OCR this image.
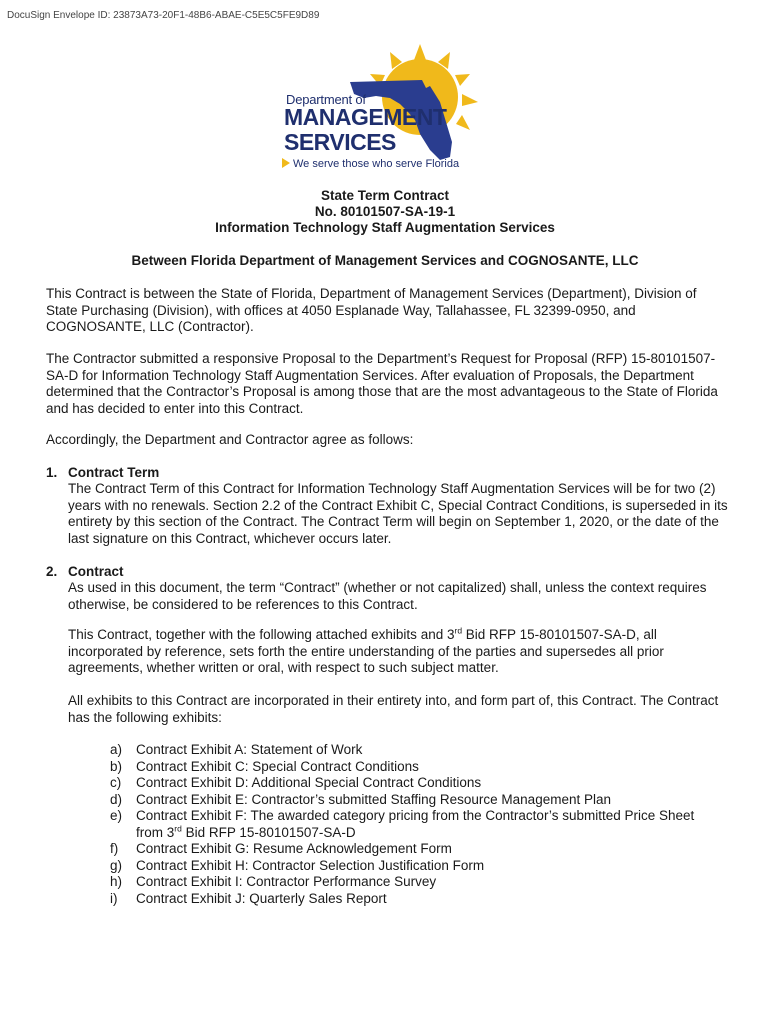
DocuSign Envelope ID: 23873A73-20F1-48B6-ABAE-C5E5C5FE9D89
Department of
MANAGEMENT
SERVICES
We serve those who serve Florida
State Term Contract
No. 80101507-SA-19-1
Information Technology Staff Augmentation Services
Between Florida Department of Management Services and COGNOSANTE, LLC

This Contract is between the State of Florida, Department of Management Services (Department), Division of State Purchasing (Division), with offices at 4050 Esplanade Way, Tallahassee, FL 32399-0950, and COGNOSANTE, LLC (Contractor).

The Contractor submitted a responsive Proposal to the Department’s Request for Proposal (RFP) 15-80101507-SA-D for Information Technology Staff Augmentation Services. After evaluation of Proposals, the Department determined that the Contractor’s Proposal is among those that are the most advantageous to the State of Florida and has decided to enter into this Contract.

Accordingly, the Department and Contractor agree as follows:

1. Contract Term

The Contract Term of this Contract for Information Technology Staff Augmentation Services will be for two (2) years with no renewals. Section 2.2 of the Contract Exhibit C, Special Contract Conditions, is superseded in its entirety by this section of the Contract. The Contract Term will begin on September 1, 2020, or the date of the last signature on this Contract, whichever occurs later.

2. Contract

As used in this document, the term “Contract” (whether or not capitalized) shall, unless the context requires otherwise, be considered to be references to this Contract.

This Contract, together with the following attached exhibits and 3rd Bid RFP 15-80101507-SA-D, all incorporated by reference, sets forth the entire understanding of the parties and supersedes all prior agreements, whether written or oral, with respect to such subject matter.

All exhibits to this Contract are incorporated in their entirety into, and form part of, this Contract. The Contract has the following exhibits:

a) Contract Exhibit A: Statement of Work
b) Contract Exhibit C: Special Contract Conditions
c) Contract Exhibit D: Additional Special Contract Conditions
d) Contract Exhibit E: Contractor’s submitted Staffing Resource Management Plan
e) Contract Exhibit F: The awarded category pricing from the Contractor’s submitted Price Sheet
from 3rd Bid RFP 15-80101507-SA-D
f) Contract Exhibit G: Resume Acknowledgement Form
g) Contract Exhibit H: Contractor Selection Justification Form
h) Contract Exhibit I: Contractor Performance Survey
i) Contract Exhibit J: Quarterly Sales Report
